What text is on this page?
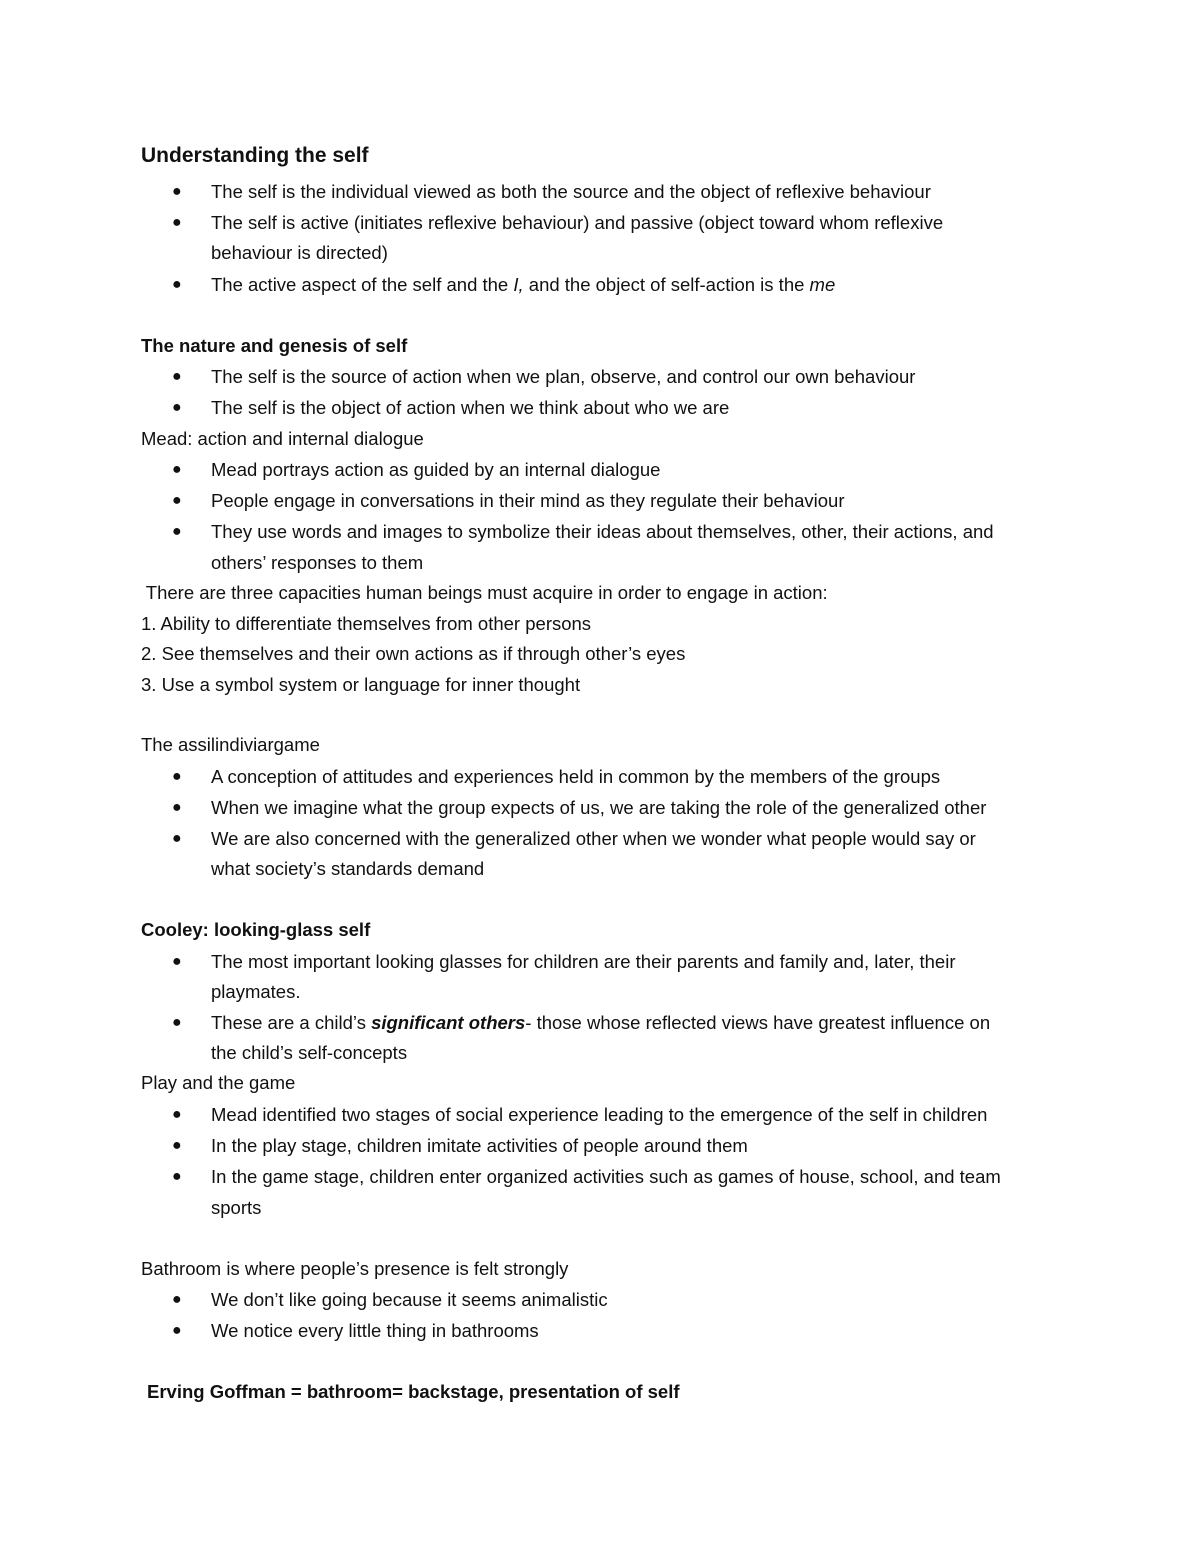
Understanding the self
● The self is the individual viewed as both the source and the object of reflexive behaviour
● The self is active (initiates reflexive behaviour) and passive (object toward whom reflexive
behaviour is directed)
● The active aspect of the self and the I, and the object of self-action is the me
The nature and genesis of self
● The self is the source of action when we plan, observe, and control our own behaviour
● The self is the object of action when we think about who we are
Mead: action and internal dialogue
● Mead portrays action as guided by an internal dialogue
● People engage in conversations in their mind as they regulate their behaviour
● They use words and images to symbolize their ideas about themselves, other, their actions, and
others’ responses to them
There are three capacities human beings must acquire in order to engage in action:
1. Ability to differentiate themselves from other persons
2. See themselves and their own actions as if through other’s eyes
3. Use a symbol system or language for inner thought
The assilindiviargame
● A conception of attitudes and experiences held in common by the members of the groups
● When we imagine what the group expects of us, we are taking the role of the generalized other
● We are also concerned with the generalized other when we wonder what people would say or
what society’s standards demand
Cooley: looking-glass self
● The most important looking glasses for children are their parents and family and, later, their
playmates.
● These are a child’s significant others- those whose reflected views have greatest influence on
the child’s self-concepts
Play and the game
● Mead identified two stages of social experience leading to the emergence of the self in children
● In the play stage, children imitate activities of people around them
● In the game stage, children enter organized activities such as games of house, school, and team
sports
Bathroom is where people’s presence is felt strongly
● We don’t like going because it seems animalistic
● We notice every little thing in bathrooms
Erving Goffman = bathroom= backstage, presentation of self
